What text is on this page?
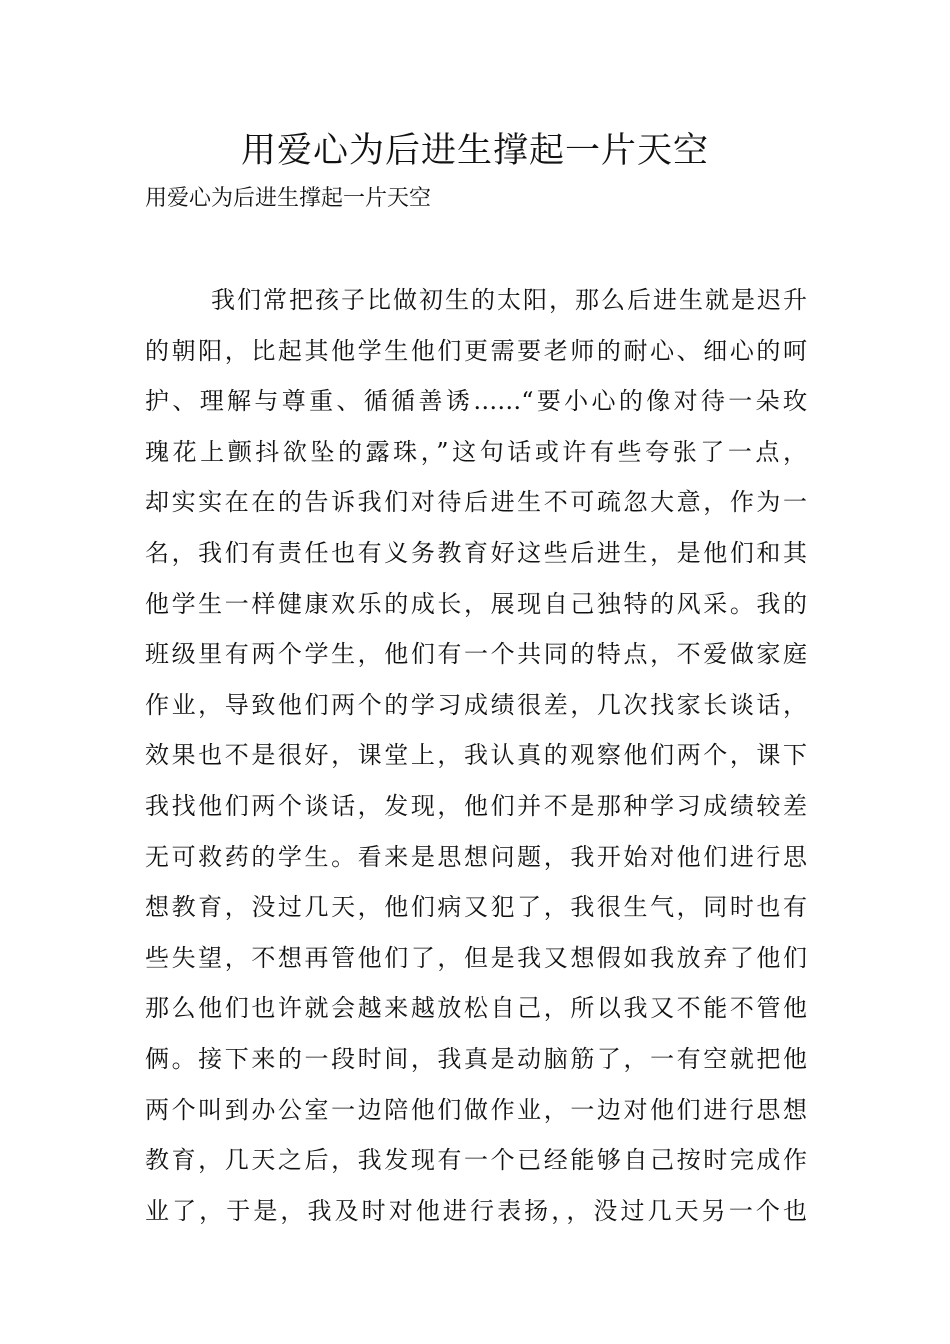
用爱心为后进生撑起一片天空

用爱心为后进生撑起一片天空

我们常把孩子比做初生的太阳，那么后进生就是迟升
的朝阳，比起其他学生他们更需要老师的耐心、细心的呵
护、理解与尊重、循循善诱……“要小心的像对待一朵玫
瑰花上颤抖欲坠的露珠，”这句话或许有些夸张了一点，
却实实在在的告诉我们对待后进生不可疏忽大意，作为一
名，我们有责任也有义务教育好这些后进生，是他们和其
他学生一样健康欢乐的成长，展现自己独特的风采。我的
班级里有两个学生，他们有一个共同的特点，不爱做家庭
作业，导致他们两个的学习成绩很差，几次找家长谈话，
效果也不是很好，课堂上，我认真的观察他们两个，课下
我找他们两个谈话，发现，他们并不是那种学习成绩较差
无可救药的学生。看来是思想问题，我开始对他们进行思
想教育，没过几天，他们病又犯了，我很生气，同时也有
些失望，不想再管他们了，但是我又想假如我放弃了他们
那么他们也许就会越来越放松自己，所以我又不能不管他
俩。接下来的一段时间，我真是动脑筋了，一有空就把他
两个叫到办公室一边陪他们做作业，一边对他们进行思想
教育，几天之后，我发现有一个已经能够自己按时完成作
业了，于是，我及时对他进行表扬，，没过几天另一个也
